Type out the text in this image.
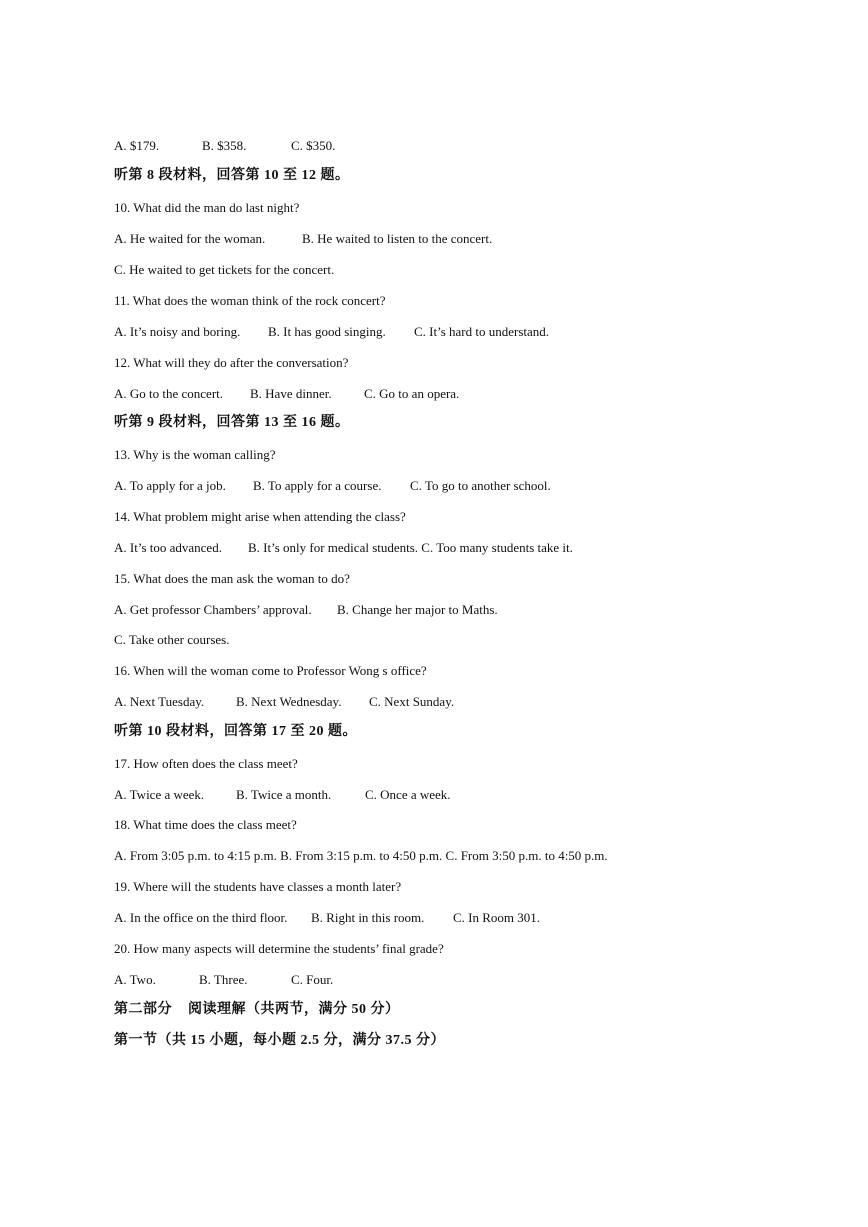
A. $179.	B. $358.	C. $350.
听第 8 段材料，回答第 10 至 12 题。
10. What did the man do last night?
A. He waited for the woman.	B. He waited to listen to the concert.
C. He waited to get tickets for the concert.
11. What does the woman think of the rock concert?
A. It’s noisy and boring. B. It has good singing. C. It’s hard to understand.
12. What will they do after the conversation?
A. Go to the concert. B. Have dinner. C. Go to an opera.
听第 9 段材料，回答第 13 至 16 题。
13. Why is the woman calling?
A. To apply for a job. B. To apply for a course. C. To go to another school.
14. What problem might arise when attending the class?
A. It’s too advanced. B. It’s only for medical students. C. Too many students take it.
15. What does the man ask the woman to do?
A. Get professor Chambers’ approval. B. Change her major to Maths.
C. Take other courses.
16. When will the woman come to Professor Wong s office?
A. Next Tuesday. B. Next Wednesday. C. Next Sunday.
听第 10 段材料，回答第 17 至 20 题。
17. How often does the class meet?
A. Twice a week. B. Twice a month.	C. Once a week.
18. What time does the class meet?
A. From 3:05 p.m. to 4:15 p.m. B. From 3:15 p.m. to 4:50 p.m. C. From 3:50 p.m. to 4:50 p.m.
19. Where will the students have classes a month later?
A. In the office on the third floor. B. Right in this room. C. In Room 301.
20. How many aspects will determine the students’ final grade?
A. Two.	B. Three.	C. Four.
第二部分    阅读理解（共两节，满分 50 分）
第一节（共 15 小题，每小题 2.5 分，满分 37.5 分）
